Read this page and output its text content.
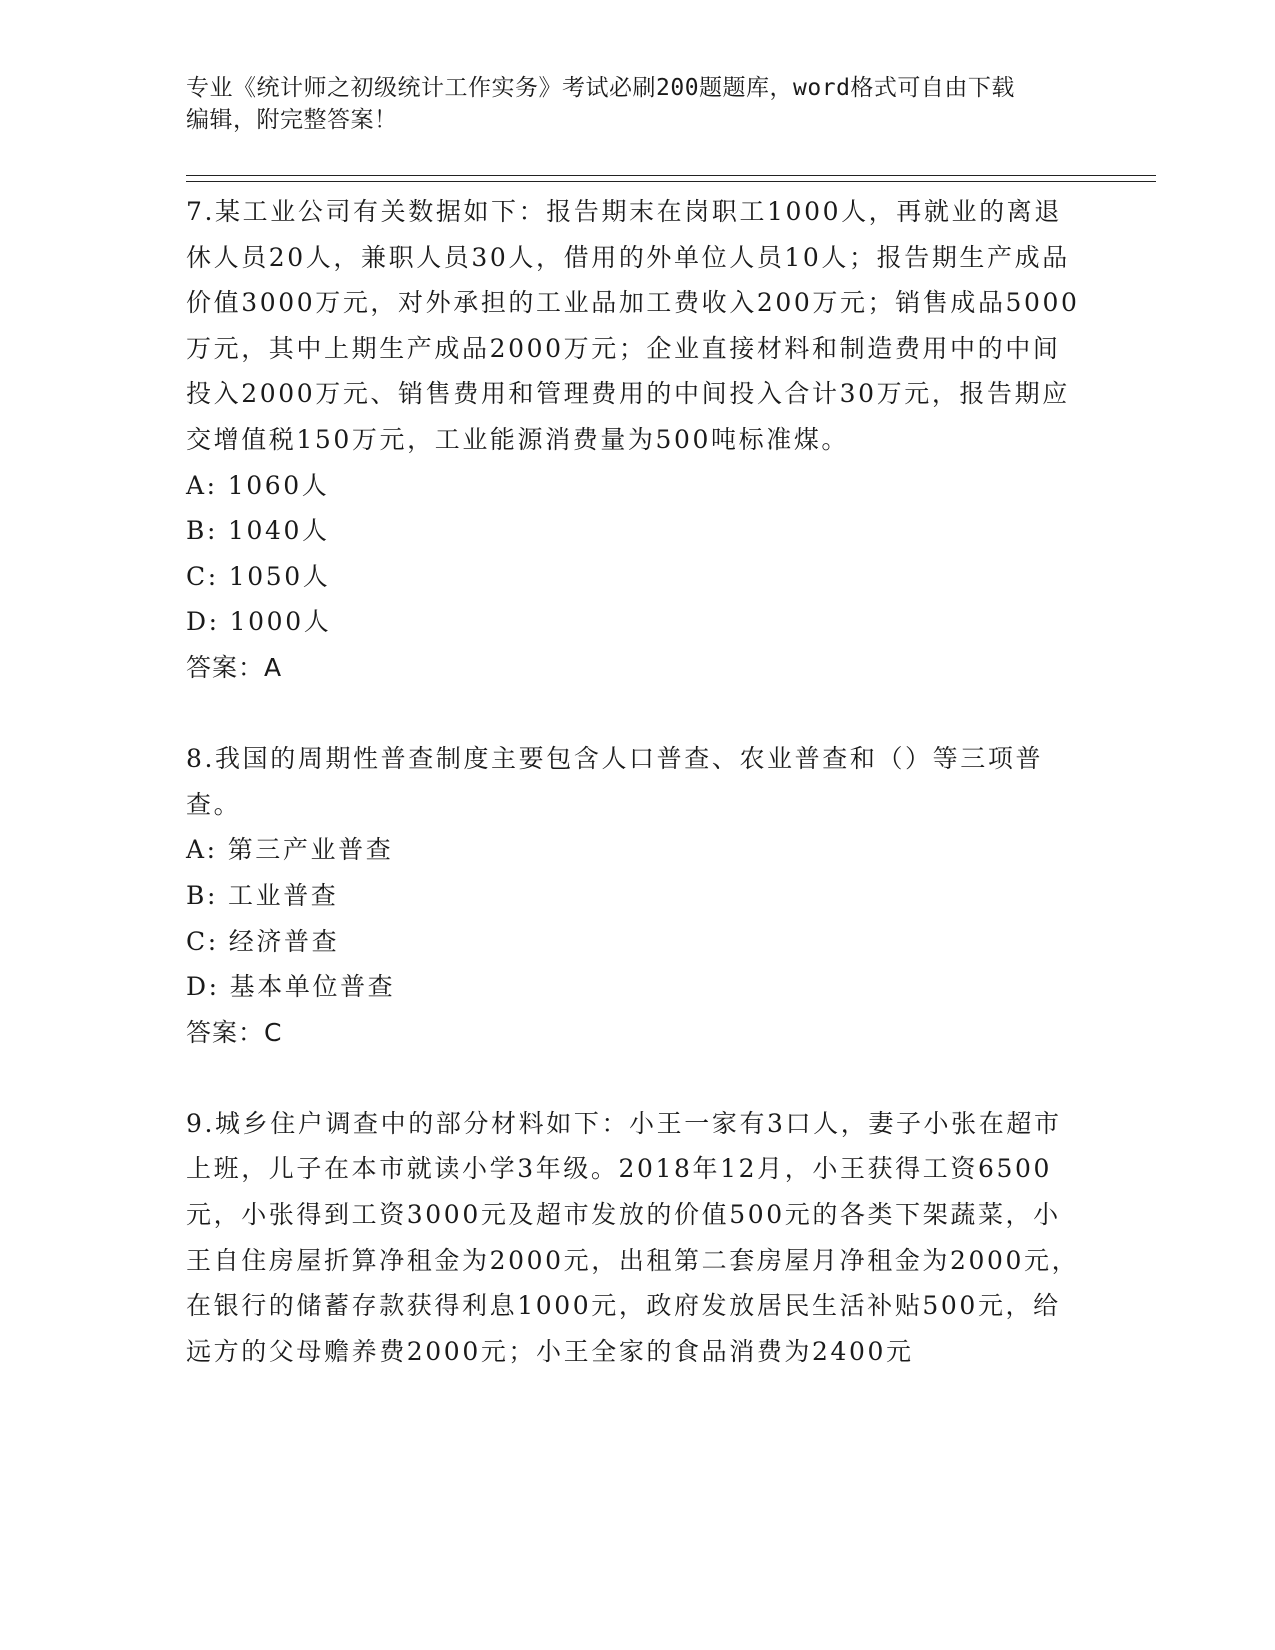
专业《统计师之初级统计工作实务》考试必刷200题题库，word格式可自由下载

编辑，附完整答案！

7.某工业公司有关数据如下：报告期末在岗职工1000人，再就业的离退休人员20人，兼职人员30人，借用的外单位人员10人；报告期生产成品价值3000万元，对外承担的工业品加工费收入200万元；销售成品5000万元，其中上期生产成品2000万元；企业直接材料和制造费用中的中间投入2000万元、销售费用和管理费用的中间投入合计30万元，报告期应交增值税150万元，工业能源消费量为500吨标准煤。

A: 1060人
B: 1040人
C: 1050人
D: 1000人

答案：A

8.我国的周期性普查制度主要包含人口普查、农业普查和（）等三项普查。

A: 第三产业普查
B: 工业普查
C: 经济普查
D: 基本单位普查

答案：C

9.城乡住户调查中的部分材料如下：小王一家有3口人，妻子小张在超市上班，儿子在本市就读小学3年级。2018年12月，小王获得工资6500元，小张得到工资3000元及超市发放的价值500元的各类下架蔬菜，小王自住房屋折算净租金为2000元，出租第二套房屋月净租金为2000元，在银行的储蓄存款获得利息1000元，政府发放居民生活补贴500元，给远方的父母赡养费2000元；小王全家的食品消费为2400元
